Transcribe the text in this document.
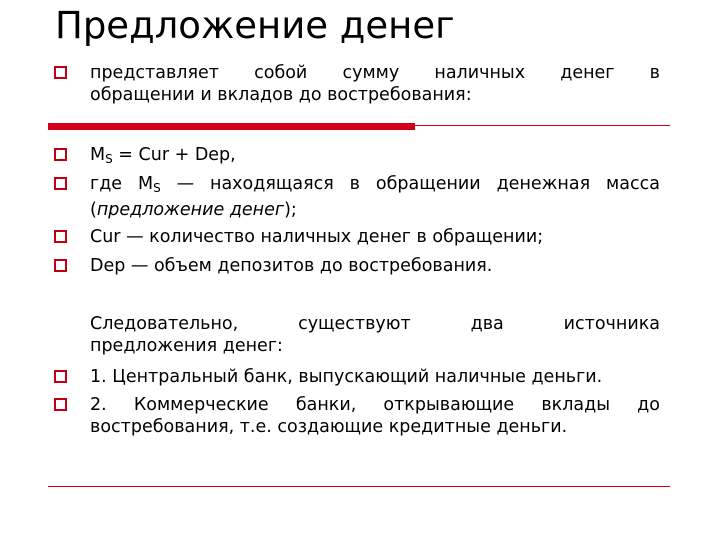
Предложение денег
представляет собой сумму наличных денег в
обращении и вкладов до востребования:
$M_S$ = Cur + Dep,
где $M_S$ — находящаяся в обращении денежная масса
(предложение денег);
Cur — количество наличных денег в обращении;
Dep — объем депозитов до востребования.
Следовательно,	существуют	два	источника
предложения денег:
1. Центральный банк, выпускающий наличные деньги.
2. Коммерческие банки, открывающие вклады до
востребования, т.е. создающие кредитные деньги.
